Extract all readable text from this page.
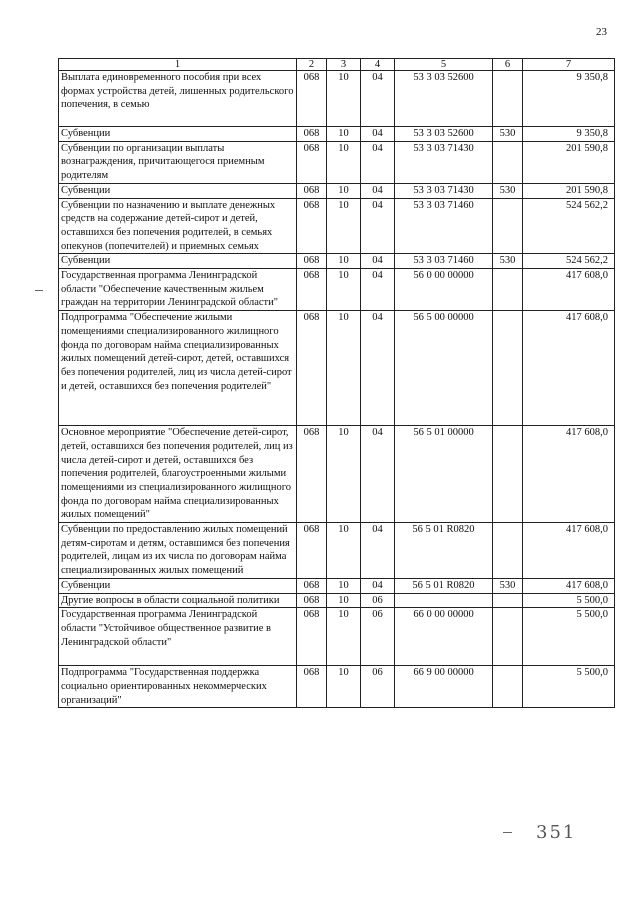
23
1	2	3	4	5	6	7
Выплата единовременного пособия при всех формах устройства детей, лишенных родительского попечения, в семью	068	10	04	53 3 03 52600		9 350,8
Субвенции	068	10	04	53 3 03 52600	530	9 350,8
Субвенции по организации выплаты вознаграждения, причитающегося приемным родителям	068	10	04	53 3 03 71430		201 590,8
Субвенции	068	10	04	53 3 03 71430	530	201 590,8
Субвенции по назначению и выплате денежных средств на содержание детей-сирот и детей, оставшихся без попечения родителей, в семьях опекунов (попечителей) и приемных семьях	068	10	04	53 3 03 71460		524 562,2
Субвенции	068	10	04	53 3 03 71460	530	524 562,2
Государственная программа Ленинградской области "Обеспечение качественным жильем граждан на территории Ленинградской области"	068	10	04	56 0 00 00000		417 608,0
Подпрограмма "Обеспечение жилыми помещениями специализированного жилищного фонда по договорам найма специализированных жилых помещений детей-сирот, детей, оставшихся без попечения родителей, лиц из числа детей-сирот и детей, оставшихся без попечения родителей"	068	10	04	56 5 00 00000		417 608,0
Основное мероприятие "Обеспечение детей-сирот, детей, оставшихся без попечения родителей, лиц из числа детей-сирот и детей, оставшихся без попечения родителей, благоустроенными жилыми помещениями из специализированного жилищного фонда по договорам найма специализированных жилых помещений"	068	10	04	56 5 01 00000		417 608,0
Субвенции по предоставлению жилых помещений детям-сиротам и детям, оставшимся без попечения родителей, лицам из их числа по договорам найма специализированных жилых помещений	068	10	04	56 5 01 R0820		417 608,0
Субвенции	068	10	04	56 5 01 R0820	530	417 608,0
Другие вопросы в области социальной политики	068	10	06			5 500,0
Государственная программа Ленинградской области "Устойчивое общественное развитие в Ленинградской области"	068	10	06	66 0 00 00000		5 500,0
Подпрограмма "Государственная поддержка социально ориентированных некоммерческих организаций"	068	10	06	66 9 00 00000		5 500,0
351
